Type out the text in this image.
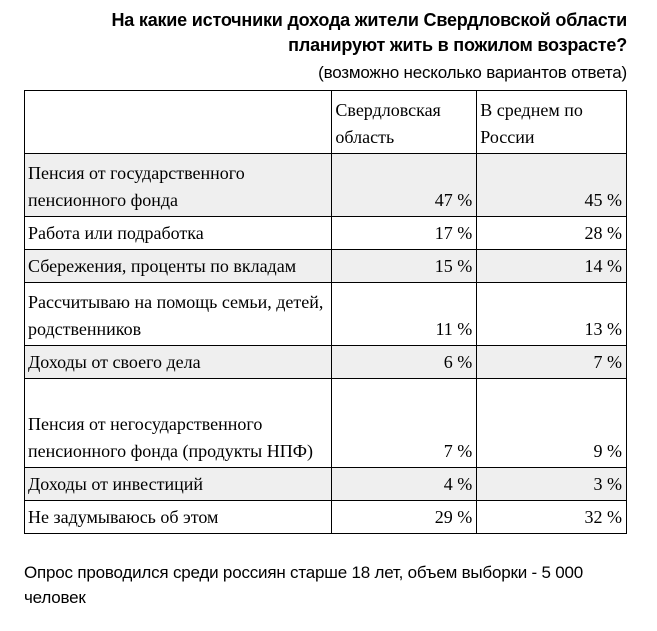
На какие источники дохода жители Свердловской области
планируют жить в пожилом возрасте?
(возможно несколько вариантов ответа)
	Свердловская область	В среднем по России
Пенсия от государственного пенсионного фонда	47 %	45 %
Работа или подработка	17 %	28 %
Сбережения, проценты по вкладам	15 %	14 %
Рассчитываю на помощь семьи, детей, родственников	11 %	13 %
Доходы от своего дела	6 %	7 %
Пенсия от негосударственного пенсионного фонда (продукты НПФ)	7 %	9 %
Доходы от инвестиций	4 %	3 %
Не задумываюсь об этом	29 %	32 %
Опрос проводился среди россиян старше 18 лет, объем выборки - 5 000 человек
